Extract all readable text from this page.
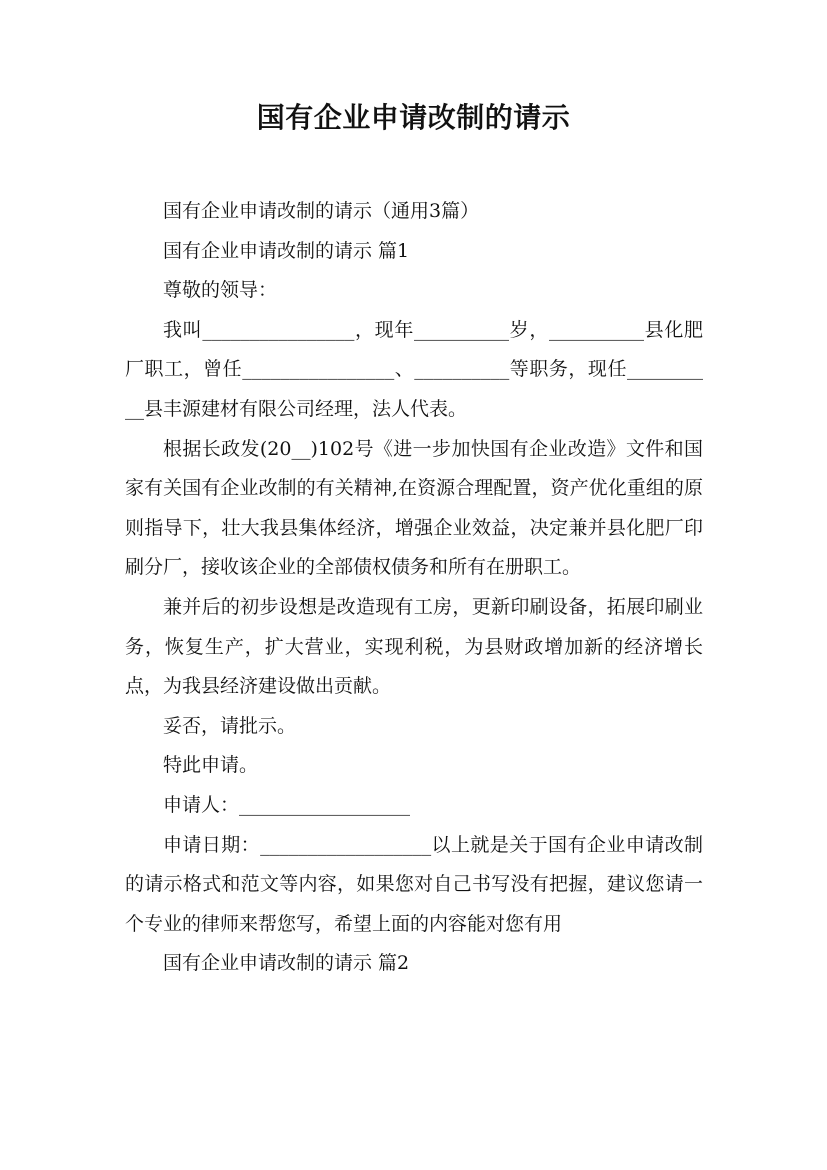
国有企业申请改制的请示

国有企业申请改制的请示（通用3篇）

国有企业申请改制的请示 篇1

尊敬的领导：

我叫________________，现年__________岁，__________县化肥厂职工，曾任________________、__________等职务，现任__________县丰源建材有限公司经理，法人代表。

根据长政发(20__)102号《进一步加快国有企业改造》文件和国家有关国有企业改制的有关精神,在资源合理配置，资产优化重组的原则指导下，壮大我县集体经济，增强企业效益，决定兼并县化肥厂印刷分厂，接收该企业的全部债权债务和所有在册职工。

兼并后的初步设想是改造现有工房，更新印刷设备，拓展印刷业务，恢复生产，扩大营业，实现利税，为县财政增加新的经济增长点，为我县经济建设做出贡献。

妥否，请批示。

特此申请。

申请人：__________________

申请日期：__________________以上就是关于国有企业申请改制的请示格式和范文等内容，如果您对自己书写没有把握，建议您请一个专业的律师来帮您写，希望上面的内容能对您有用

国有企业申请改制的请示 篇2
